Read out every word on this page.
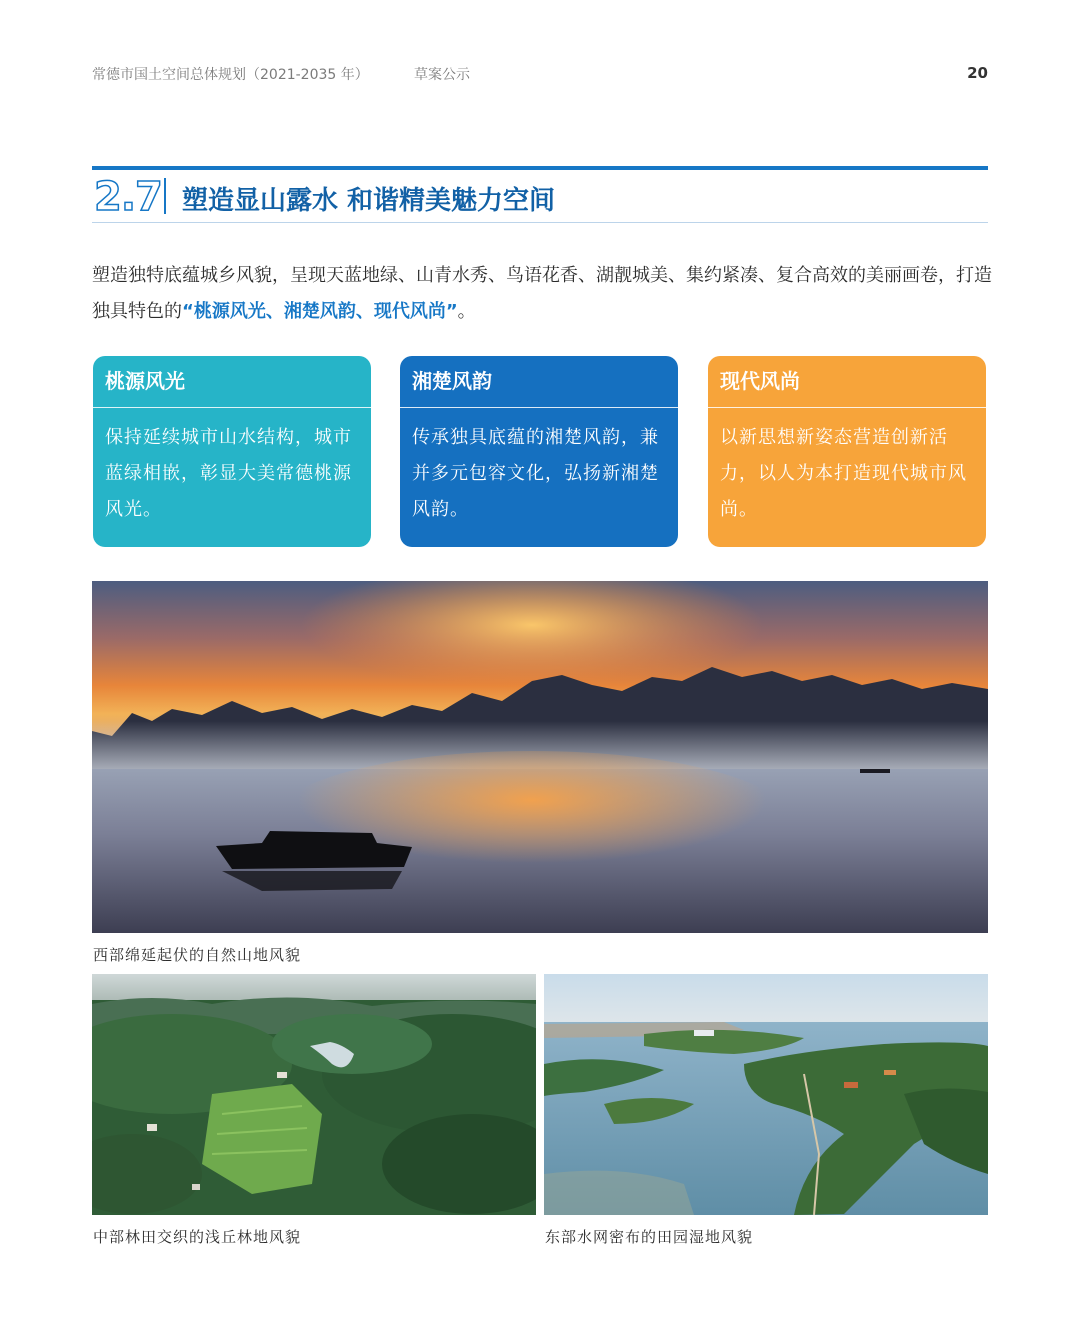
常德市国土空间总体规划（2021-2035 年）	草案公示	20
2.7 塑造显山露水 和谐精美魅力空间

塑造独特底蕴城乡风貌，呈现天蓝地绿、山青水秀、鸟语花香、湖靓城美、集约紧凑、复合高效的美丽画卷，打造独具特色的“桃源风光、湘楚风韵、现代风尚”。

桃源风光
保持延续城市山水结构，城市蓝绿相嵌，彰显大美常德桃源风光。
湘楚风韵
传承独具底蕴的湘楚风韵，兼并多元包容文化，弘扬新湘楚风韵。
现代风尚
以新思想新姿态营造创新活力，以人为本打造现代城市风尚。
西部绵延起伏的自然山地风貌
中部林田交织的浅丘林地风貌	东部水网密布的田园湿地风貌
